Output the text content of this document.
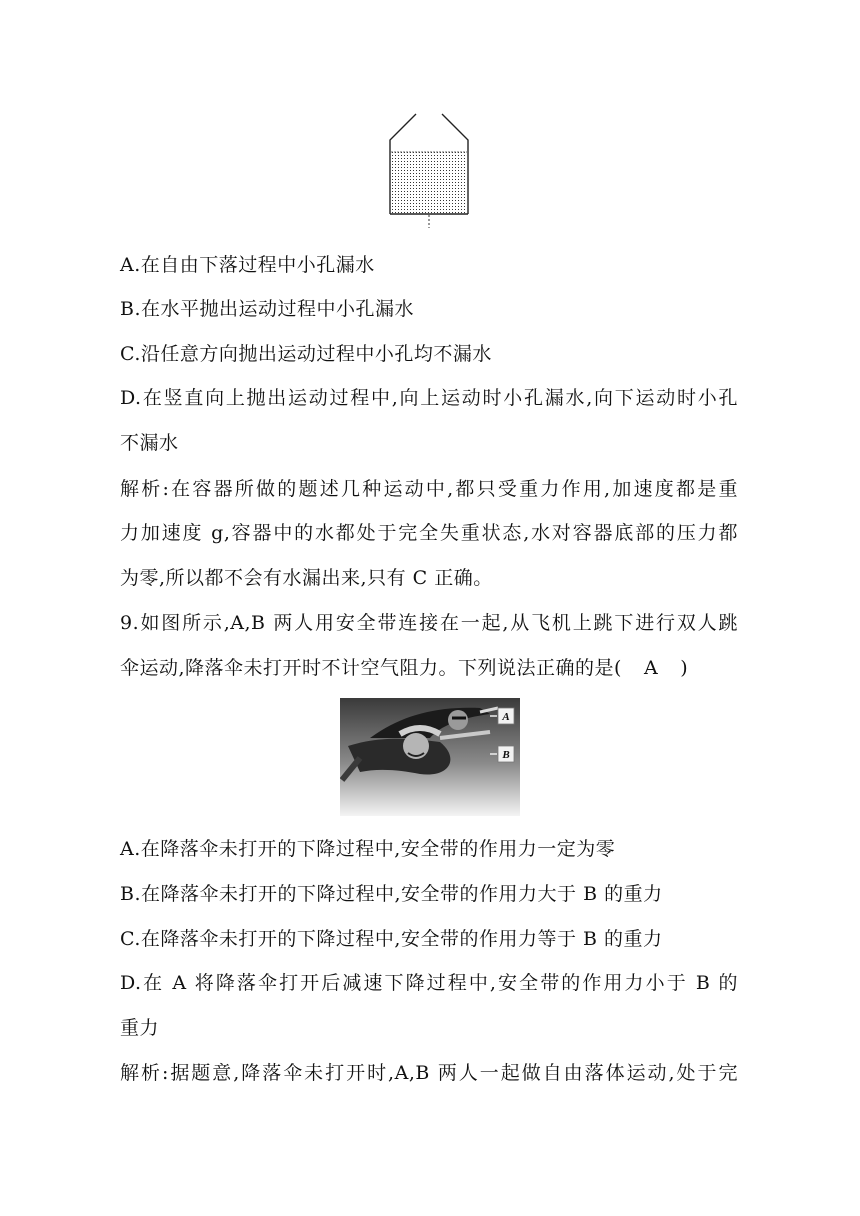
A.在自由下落过程中小孔漏水
B.在水平抛出运动过程中小孔漏水
C.沿任意方向抛出运动过程中小孔均不漏水
D.在竖直向上抛出运动过程中,向上运动时小孔漏水,向下运动时小孔
不漏水
解析:在容器所做的题述几种运动中,都只受重力作用,加速度都是重
力加速度 g,容器中的水都处于完全失重状态,水对容器底部的压力都
为零,所以都不会有水漏出来,只有 C 正确。
9.如图所示,A,B 两人用安全带连接在一起,从飞机上跳下进行双人跳
伞运动,降落伞未打开时不计空气阻力。下列说法正确的是( A )
A
B
A.在降落伞未打开的下降过程中,安全带的作用力一定为零
B.在降落伞未打开的下降过程中,安全带的作用力大于 B 的重力
C.在降落伞未打开的下降过程中,安全带的作用力等于 B 的重力
D.在 A 将降落伞打开后减速下降过程中,安全带的作用力小于 B 的
重力
解析:据题意,降落伞未打开时,A,B 两人一起做自由落体运动,处于完
